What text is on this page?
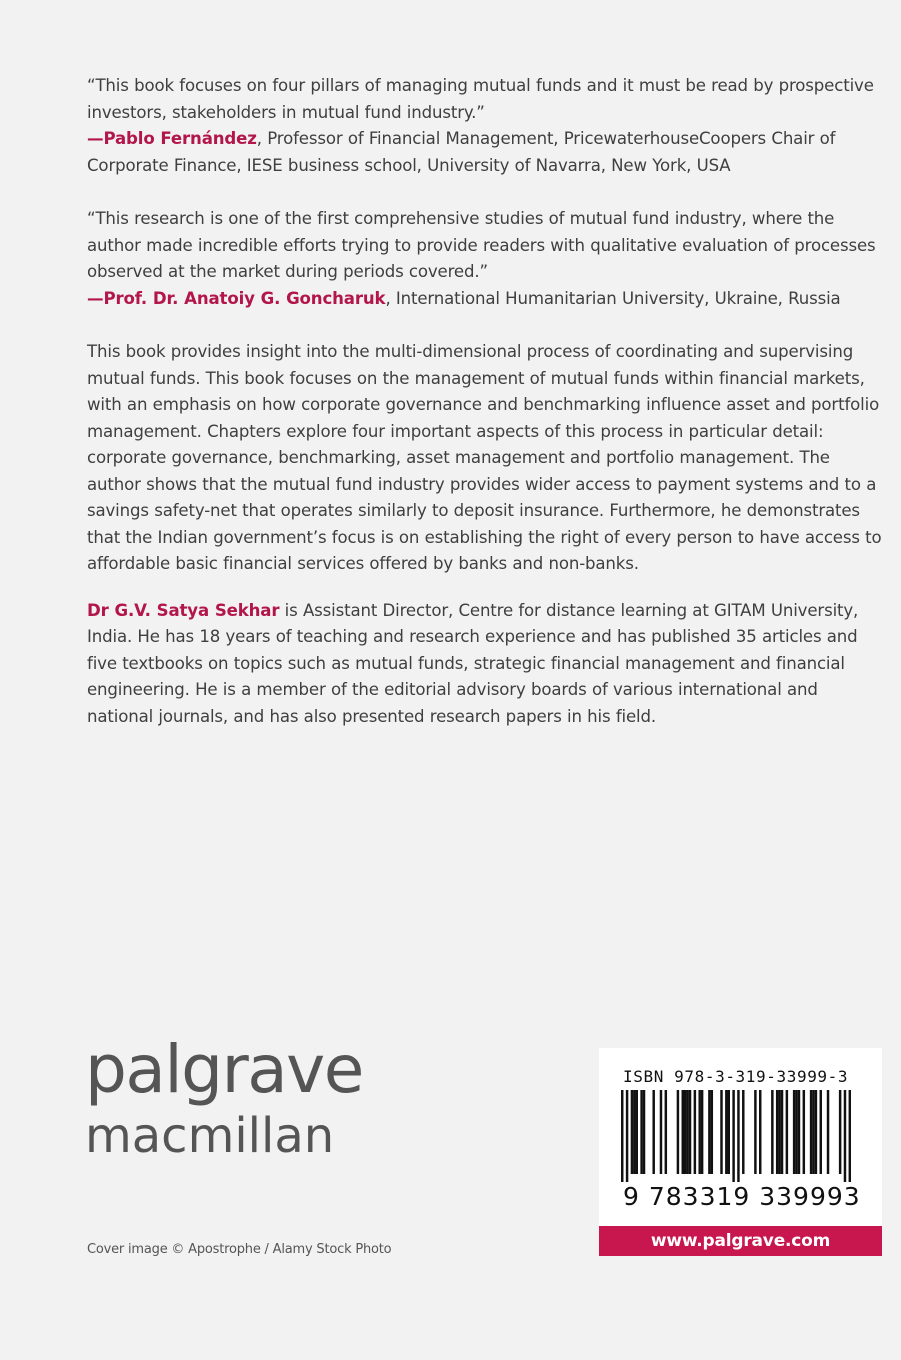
“This book focuses on four pillars of managing mutual funds and it must be read by prospective investors, stakeholders in mutual fund industry.”
—Pablo Fernández, Professor of Financial Management, PricewaterhouseCoopers Chair of Corporate Finance, IESE business school, University of Navarra, New York, USA

“This research is one of the first comprehensive studies of mutual fund industry, where the author made incredible efforts trying to provide readers with qualitative evaluation of processes observed at the market during periods covered.”
—Prof. Dr. Anatoiy G. Goncharuk, International Humanitarian University, Ukraine, Russia

This book provides insight into the multi-dimensional process of coordinating and supervising mutual funds. This book focuses on the management of mutual funds within financial markets, with an emphasis on how corporate governance and benchmarking influence asset and portfolio management. Chapters explore four important aspects of this process in particular detail: corporate governance, benchmarking, asset management and portfolio management. The author shows that the mutual fund industry provides wider access to payment systems and to a savings safety-net that operates similarly to deposit insurance. Furthermore, he demonstrates that the Indian government’s focus is on establishing the right of every person to have access to affordable basic financial services offered by banks and non-banks.

Dr G.V. Satya Sekhar is Assistant Director, Centre for distance learning at GITAM University, India. He has 18 years of teaching and research experience and has published 35 articles and five textbooks on topics such as mutual funds, strategic financial management and financial engineering. He is a member of the editorial advisory boards of various international and national journals, and has also presented research papers in his field.

palgrave
macmillan
Cover image © Apostrophe / Alamy Stock Photo
ISBN 978-3-319-33999-3
9 783319 339993
www.palgrave.com
